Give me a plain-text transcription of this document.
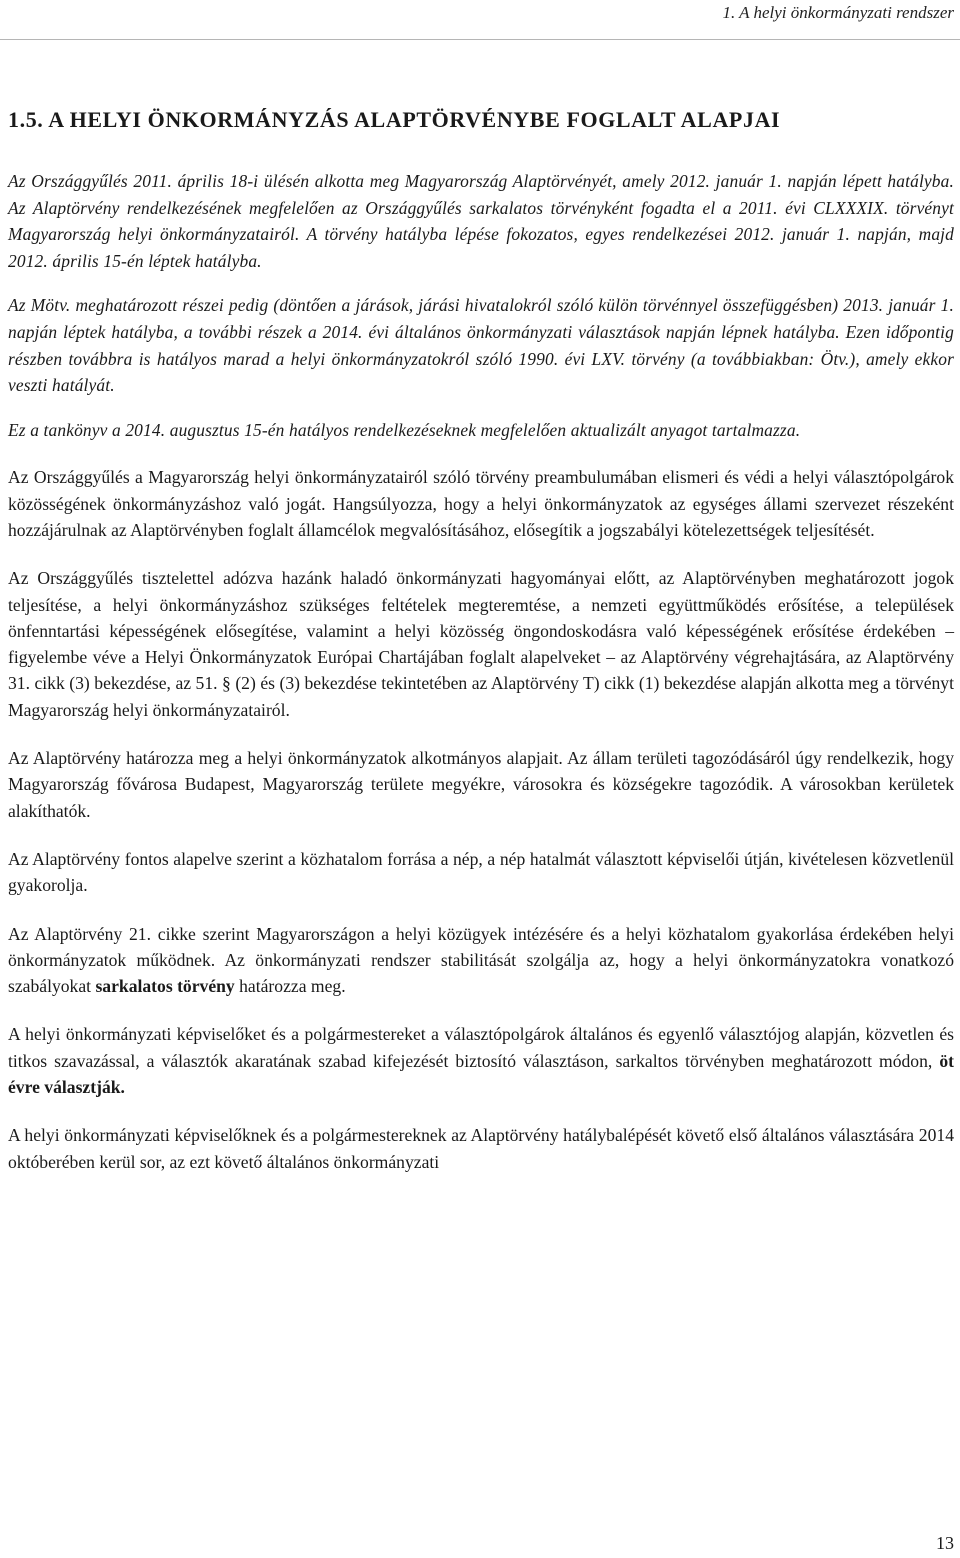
1. A helyi önkormányzati rendszer
1.5. A HELYI ÖNKORMÁNYZÁS ALAPTÖRVÉNYBE FOGLALT ALAPJAI

Az Országgyűlés 2011. április 18-i ülésén alkotta meg Magyarország Alaptörvényét, amely 2012. január 1. napján lépett hatályba. Az Alaptörvény rendelkezésének megfelelően az Országgyűlés sarkalatos törvényként fogadta el a 2011. évi CLXXXIX. törvényt Magyarország helyi önkormányzatairól. A törvény hatályba lépése fokozatos, egyes rendelkezései 2012. január 1. napján, majd 2012. április 15-én léptek hatályba.

Az Mötv. meghatározott részei pedig (döntően a járások, járási hivatalokról szóló külön törvénnyel összefüggésben) 2013. január 1. napján léptek hatályba, a további részek a 2014. évi általános önkormányzati választások napján lépnek hatályba. Ezen időpontig részben továbbra is hatályos marad a helyi önkormányzatokról szóló 1990. évi LXV. törvény (a továbbiakban: Ötv.), amely ekkor veszti hatályát.

Ez a tankönyv a 2014. augusztus 15-én hatályos rendelkezéseknek megfelelően aktualizált anyagot tartalmazza.

Az Országgyűlés a Magyarország helyi önkormányzatairól szóló törvény preambulumában elismeri és védi a helyi választópolgárok közösségének önkormányzáshoz való jogát. Hangsúlyozza, hogy a helyi önkormányzatok az egységes állami szervezet részeként hozzájárulnak az Alaptörvényben foglalt államcélok megvalósításához, elősegítik a jogszabályi kötelezettségek teljesítését.

Az Országgyűlés tisztelettel adózva hazánk haladó önkormányzati hagyományai előtt, az Alaptörvényben meghatározott jogok teljesítése, a helyi önkormányzáshoz szükséges feltételek megteremtése, a nemzeti együttműködés erősítése, a települések önfenntartási képességének elősegítése, valamint a helyi közösség öngondoskodásra való képességének erősítése érdekében – figyelembe véve a Helyi Önkormányzatok Európai Chartájában foglalt alapelveket – az Alaptörvény végrehajtására, az Alaptörvény 31. cikk (3) bekezdése, az 51. § (2) és (3) bekezdése tekintetében az Alaptörvény T) cikk (1) bekezdése alapján alkotta meg a törvényt Magyarország helyi önkormányzatairól.

Az Alaptörvény határozza meg a helyi önkormányzatok alkotmányos alapjait. Az állam területi tagozódásáról úgy rendelkezik, hogy Magyarország fővárosa Budapest, Magyarország területe megyékre, városokra és községekre tagozódik. A városokban kerületek alakíthatók.

Az Alaptörvény fontos alapelve szerint a közhatalom forrása a nép, a nép hatalmát választott képviselői útján, kivételesen közvetlenül gyakorolja.

Az Alaptörvény 21. cikke szerint Magyarországon a helyi közügyek intézésére és a helyi közhatalom gyakorlása érdekében helyi önkormányzatok működnek. Az önkormányzati rendszer stabilitását szolgálja az, hogy a helyi önkormányzatokra vonatkozó szabályokat sarkalatos törvény határozza meg.

A helyi önkormányzati képviselőket és a polgármestereket a választópolgárok általános és egyenlő választójog alapján, közvetlen és titkos szavazással, a választók akaratának szabad kifejezését biztosító választáson, sarkaltos törvényben meghatározott módon, öt évre választják.

A helyi önkormányzati képviselőknek és a polgármestereknek az Alaptörvény hatálybalépését követő első általános választására 2014 októberében kerül sor, az ezt követő általános önkormányzati

13
